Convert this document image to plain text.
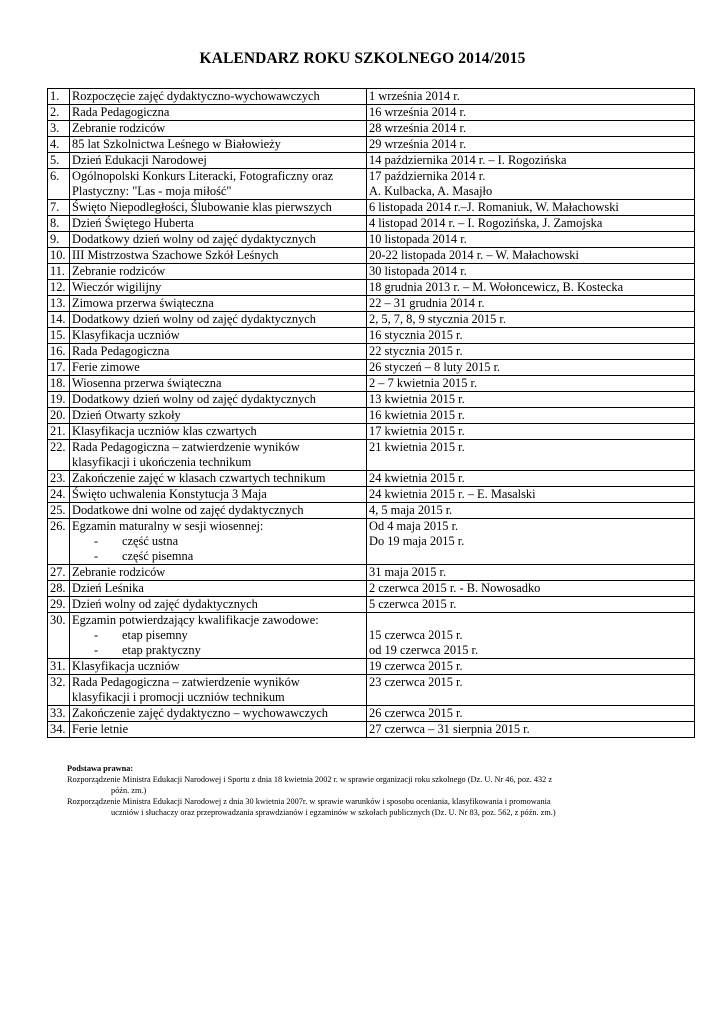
KALENDARZ ROKU SZKOLNEGO 2014/2015
1.	Rozpoczęcie zajęć dydaktyczno-wychowawczych	1 września 2014 r.

2.	Rada Pedagogiczna	16 września 2014 r.

3.	Zebranie rodziców	28 września 2014 r.

4.	85 lat Szkolnictwa Leśnego w Białowieży	29 września 2014 r.

5.	Dzień Edukacji Narodowej	14 października 2014 r. – I. Rogozińska

6.	Ogólnopolski Konkurs Literacki, Fotograficzny oraz
Plastyczny: "Las - moja miłość"	17 października 2014 r.
A. Kulbacka, A. Masajło

7.	Święto Niepodległości, Ślubowanie klas pierwszych	6 listopada 2014 r.–J. Romaniuk, W. Małachowski

8.	Dzień Świętego Huberta	4 listopad 2014 r. – I. Rogozińska, J. Zamojska

9.	Dodatkowy dzień wolny od zajęć dydaktycznych	10 listopada 2014 r.

10.	III Mistrzostwa Szachowe Szkół Leśnych	20-22 listopada 2014 r. – W. Małachowski

11.	Zebranie rodziców	30 listopada 2014 r.

12.	Wieczór wigilijny	18 grudnia 2013 r. – M. Wołoncewicz, B. Kostecka

13.	Zimowa przerwa świąteczna	22 – 31 grudnia 2014 r.

14.	Dodatkowy dzień wolny od zajęć dydaktycznych	2, 5, 7, 8, 9 stycznia 2015 r.

15.	Klasyfikacja uczniów	16 stycznia 2015 r.

16.	Rada Pedagogiczna	22 stycznia 2015 r.

17.	Ferie zimowe	26 styczeń – 8 luty 2015 r.

18.	Wiosenna przerwa świąteczna	2 – 7 kwietnia 2015 r.

19.	Dodatkowy dzień wolny od zajęć dydaktycznych	13 kwietnia 2015 r.

20.	Dzień Otwarty szkoły	16 kwietnia 2015 r.

21.	Klasyfikacja uczniów klas czwartych	17 kwietnia 2015 r.

22.	Rada Pedagogiczna – zatwierdzenie wyników
klasyfikacji i ukończenia technikum	21 kwietnia 2015 r.

23.	Zakończenie zajęć w klasach czwartych technikum	24 kwietnia 2015 r.

24.	Święto uchwalenia Konstytucja 3 Maja	24 kwietnia 2015 r. – E. Masalski

25.	Dodatkowe dni wolne od zajęć dydaktycznych	4, 5 maja 2015 r.

26.	Egzamin maturalny w sesji wiosennej:
- część ustna
- część pisemna	Od 4 maja 2015 r.
Do 19 maja 2015 r.

27.	Zebranie rodziców	31 maja 2015 r.

28.	Dzień Leśnika	2 czerwca 2015 r. - B. Nowosadko

29.	Dzień wolny od zajęć dydaktycznych	5 czerwca 2015 r.

30.	Egzamin potwierdzający kwalifikacje zawodowe:
- etap pisemny
- etap praktyczny	15 czerwca 2015 r.
od 19 czerwca 2015 r.

31.	Klasyfikacja uczniów	19 czerwca 2015 r.

32.	Rada Pedagogiczna – zatwierdzenie wyników
klasyfikacji i promocji uczniów technikum	23 czerwca 2015 r.

33.	Zakończenie zajęć dydaktyczno – wychowawczych	26 czerwca 2015 r.

34.	Ferie letnie	27 czerwca – 31 sierpnia 2015 r.
Podstawa prawna:
Rozporządzenie Ministra Edukacji Narodowej i Sportu z dnia 18 kwietnia 2002 r. w sprawie organizacji roku szkolnego (Dz. U. Nr 46, poz. 432 z
późn. zm.)
Rozporządzenie Ministra Edukacji Narodowej z dnia 30 kwietnia 2007r. w sprawie warunków i sposobu oceniania, klasyfikowania i promowania
uczniów i słuchaczy oraz przeprowadzania sprawdzianów i egzaminów w szkołach publicznych (Dz. U. Nr 83, poz. 562, z późn. zm.)
